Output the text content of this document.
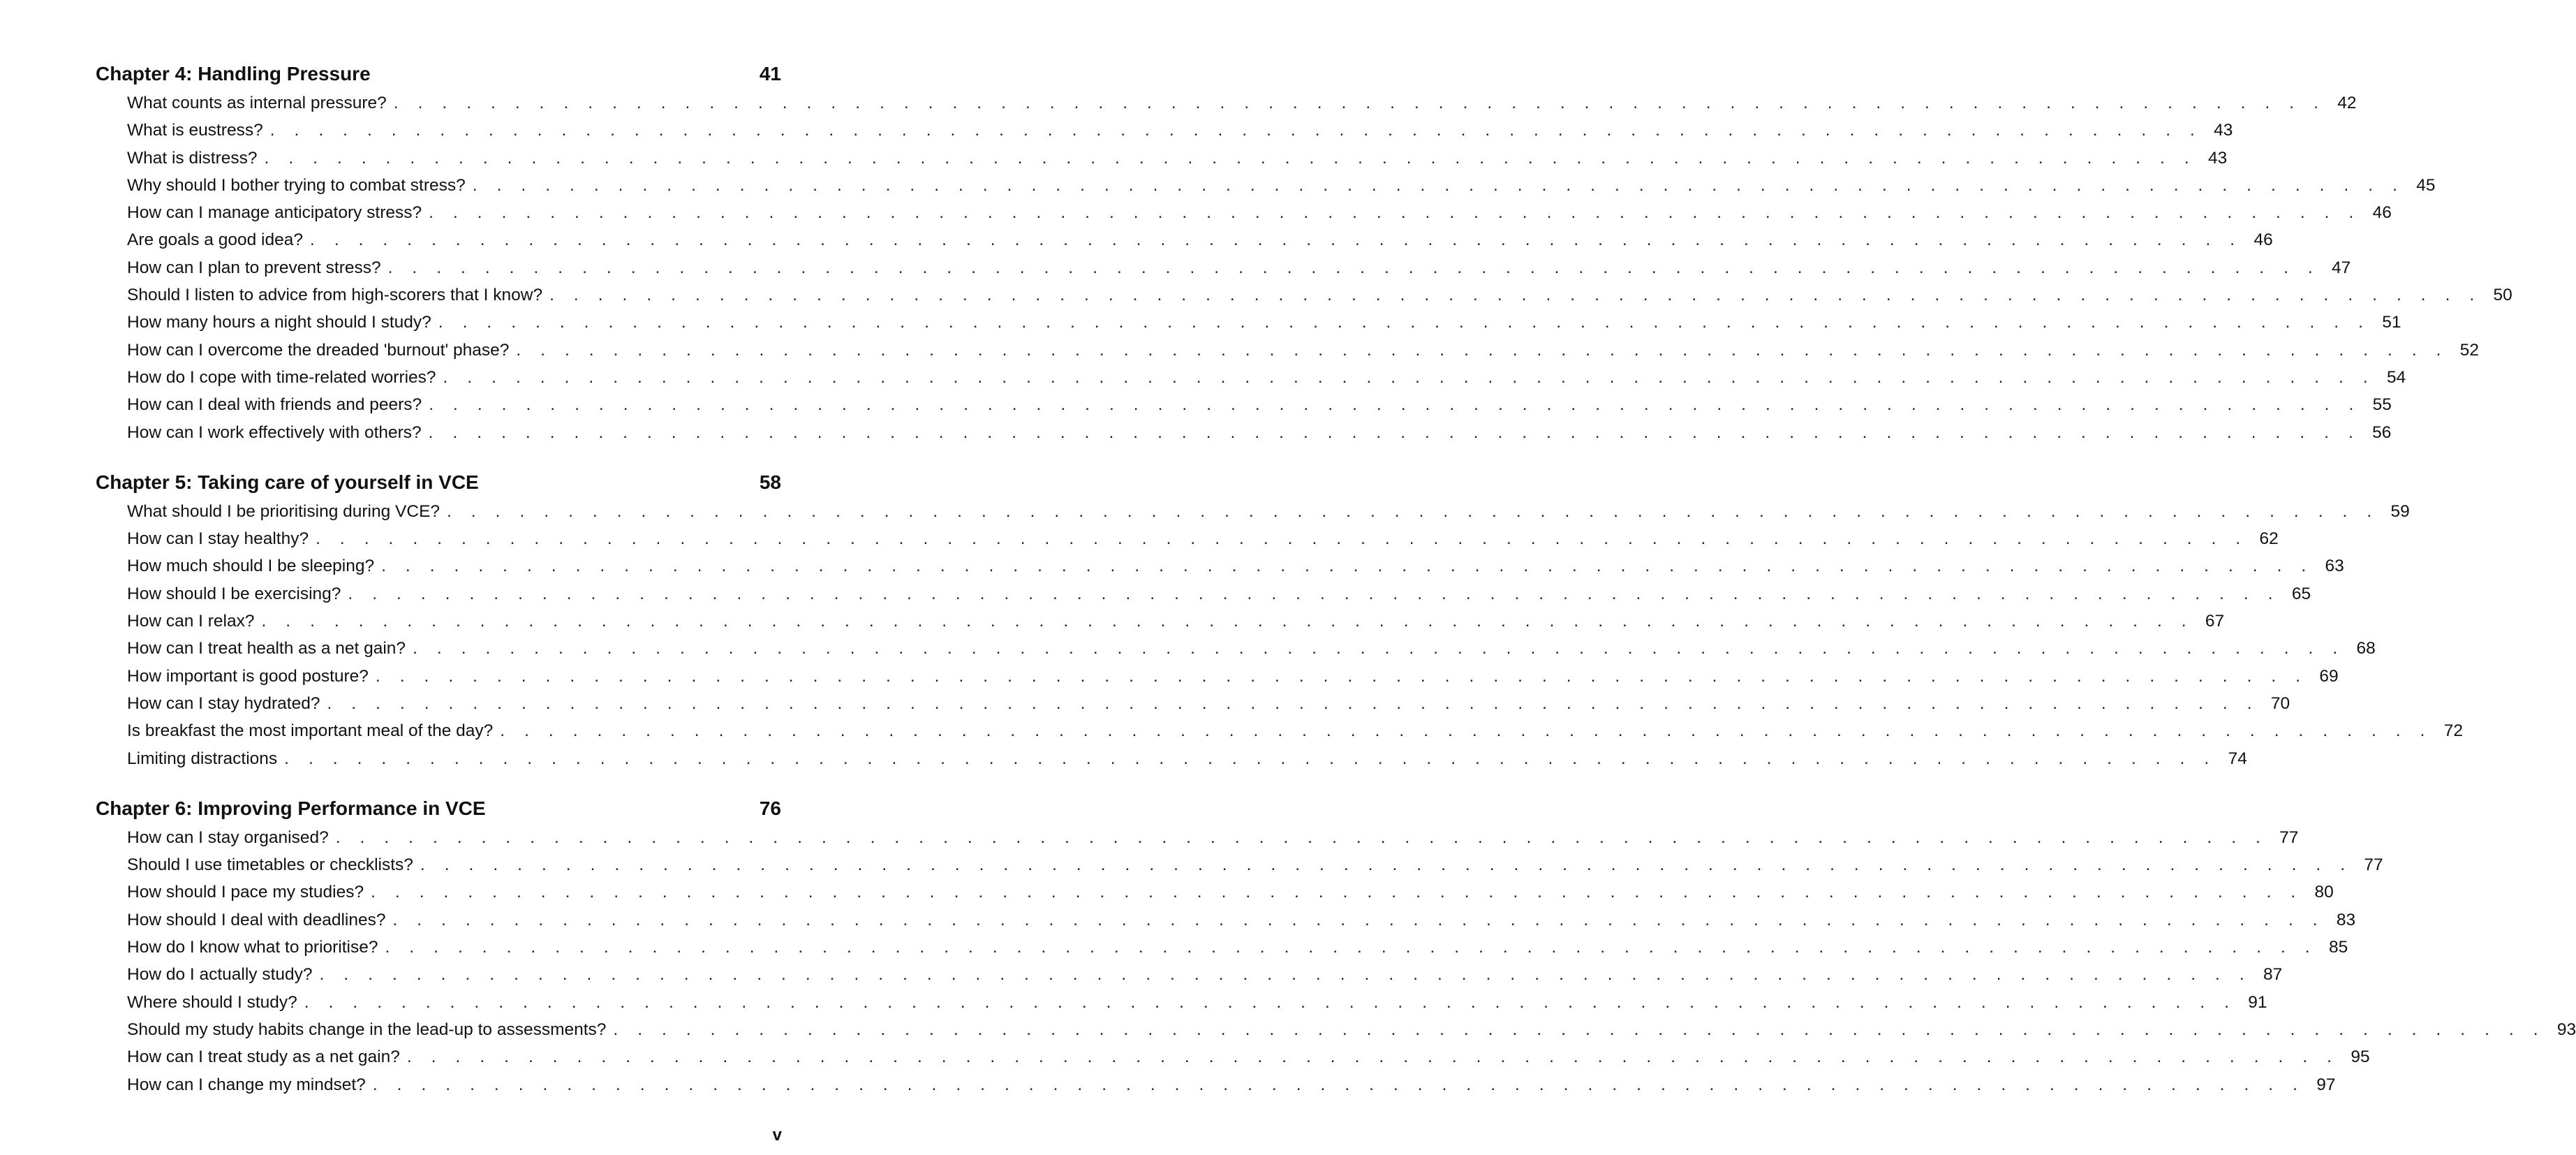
Chapter 4: Handling Pressure	41
What counts as internal pressure? . . . . . . . . . . . . . . . . . . . . . . . . . . . . . . . . . . . . . . . . . . . . . . . . . . . . . . . . . . . . . . . . . . . . . . . . . . . . . . . . 42
What is eustress? . . . . . . . . . . . . . . . . . . . . . . . . . . . . . . . . . . . . . . . . . . . . . . . . . . . . . . . . . . . . . . . . . . . . . . . . . . . . . . . . 43
What is distress? . . . . . . . . . . . . . . . . . . . . . . . . . . . . . . . . . . . . . . . . . . . . . . . . . . . . . . . . . . . . . . . . . . . . . . . . . . . . . . . . 43
Why should I bother trying to combat stress? . . . . . . . . . . . . . . . . . . . . . . . . . . . . . . . . . . . . . . . . . . . . . . . . . . . . . . . . . . . . . . . . . . . . . . . . . . . . . . . . 45
How can I manage anticipatory stress? . . . . . . . . . . . . . . . . . . . . . . . . . . . . . . . . . . . . . . . . . . . . . . . . . . . . . . . . . . . . . . . . . . . . . . . . . . . . . . . . 46
Are goals a good idea? . . . . . . . . . . . . . . . . . . . . . . . . . . . . . . . . . . . . . . . . . . . . . . . . . . . . . . . . . . . . . . . . . . . . . . . . . . . . . . . . 46
How can I plan to prevent stress? . . . . . . . . . . . . . . . . . . . . . . . . . . . . . . . . . . . . . . . . . . . . . . . . . . . . . . . . . . . . . . . . . . . . . . . . . . . . . . . . 47
Should I listen to advice from high-scorers that I know? . . . . . . . . . . . . . . . . . . . . . . . . . . . . . . . . . . . . . . . . . . . . . . . . . . . . . . . . . . . . . . . . . . . . . . . . . . . . . . . . 50
How many hours a night should I study? . . . . . . . . . . . . . . . . . . . . . . . . . . . . . . . . . . . . . . . . . . . . . . . . . . . . . . . . . . . . . . . . . . . . . . . . . . . . . . . . 51
How can I overcome the dreaded 'burnout' phase? . . . . . . . . . . . . . . . . . . . . . . . . . . . . . . . . . . . . . . . . . . . . . . . . . . . . . . . . . . . . . . . . . . . . . . . . . . . . . . . . 52
How do I cope with time-related worries? . . . . . . . . . . . . . . . . . . . . . . . . . . . . . . . . . . . . . . . . . . . . . . . . . . . . . . . . . . . . . . . . . . . . . . . . . . . . . . . . 54
How can I deal with friends and peers? . . . . . . . . . . . . . . . . . . . . . . . . . . . . . . . . . . . . . . . . . . . . . . . . . . . . . . . . . . . . . . . . . . . . . . . . . . . . . . . . 55
How can I work effectively with others? . . . . . . . . . . . . . . . . . . . . . . . . . . . . . . . . . . . . . . . . . . . . . . . . . . . . . . . . . . . . . . . . . . . . . . . . . . . . . . . . 56
Chapter 5: Taking care of yourself in VCE	58
What should I be prioritising during VCE? . . . . . . . . . . . . . . . . . . . . . . . . . . . . . . . . . . . . . . . . . . . . . . . . . . . . . . . . . . . . . . . . . . . . . . . . . . . . . . . . 59
How can I stay healthy? . . . . . . . . . . . . . . . . . . . . . . . . . . . . . . . . . . . . . . . . . . . . . . . . . . . . . . . . . . . . . . . . . . . . . . . . . . . . . . . . 62
How much should I be sleeping? . . . . . . . . . . . . . . . . . . . . . . . . . . . . . . . . . . . . . . . . . . . . . . . . . . . . . . . . . . . . . . . . . . . . . . . . . . . . . . . . 63
How should I be exercising? . . . . . . . . . . . . . . . . . . . . . . . . . . . . . . . . . . . . . . . . . . . . . . . . . . . . . . . . . . . . . . . . . . . . . . . . . . . . . . . . 65
How can I relax? . . . . . . . . . . . . . . . . . . . . . . . . . . . . . . . . . . . . . . . . . . . . . . . . . . . . . . . . . . . . . . . . . . . . . . . . . . . . . . . . 67
How can I treat health as a net gain? . . . . . . . . . . . . . . . . . . . . . . . . . . . . . . . . . . . . . . . . . . . . . . . . . . . . . . . . . . . . . . . . . . . . . . . . . . . . . . . . 68
How important is good posture? . . . . . . . . . . . . . . . . . . . . . . . . . . . . . . . . . . . . . . . . . . . . . . . . . . . . . . . . . . . . . . . . . . . . . . . . . . . . . . . . 69
How can I stay hydrated? . . . . . . . . . . . . . . . . . . . . . . . . . . . . . . . . . . . . . . . . . . . . . . . . . . . . . . . . . . . . . . . . . . . . . . . . . . . . . . . . 70
Is breakfast the most important meal of the day? . . . . . . . . . . . . . . . . . . . . . . . . . . . . . . . . . . . . . . . . . . . . . . . . . . . . . . . . . . . . . . . . . . . . . . . . . . . . . . . . 72
Limiting distractions . . . . . . . . . . . . . . . . . . . . . . . . . . . . . . . . . . . . . . . . . . . . . . . . . . . . . . . . . . . . . . . . . . . . . . . . . . . . . . . . 74
Chapter 6: Improving Performance in VCE	76
How can I stay organised? . . . . . . . . . . . . . . . . . . . . . . . . . . . . . . . . . . . . . . . . . . . . . . . . . . . . . . . . . . . . . . . . . . . . . . . . . . . . . . . . 77
Should I use timetables or checklists? . . . . . . . . . . . . . . . . . . . . . . . . . . . . . . . . . . . . . . . . . . . . . . . . . . . . . . . . . . . . . . . . . . . . . . . . . . . . . . . . 77
How should I pace my studies? . . . . . . . . . . . . . . . . . . . . . . . . . . . . . . . . . . . . . . . . . . . . . . . . . . . . . . . . . . . . . . . . . . . . . . . . . . . . . . . . 80
How should I deal with deadlines? . . . . . . . . . . . . . . . . . . . . . . . . . . . . . . . . . . . . . . . . . . . . . . . . . . . . . . . . . . . . . . . . . . . . . . . . . . . . . . . . 83
How do I know what to prioritise? . . . . . . . . . . . . . . . . . . . . . . . . . . . . . . . . . . . . . . . . . . . . . . . . . . . . . . . . . . . . . . . . . . . . . . . . . . . . . . . . 85
How do I actually study? . . . . . . . . . . . . . . . . . . . . . . . . . . . . . . . . . . . . . . . . . . . . . . . . . . . . . . . . . . . . . . . . . . . . . . . . . . . . . . . . 87
Where should I study? . . . . . . . . . . . . . . . . . . . . . . . . . . . . . . . . . . . . . . . . . . . . . . . . . . . . . . . . . . . . . . . . . . . . . . . . . . . . . . . . 91
Should my study habits change in the lead-up to assessments? . . . . . . . . . . . . . . . . . . . . . . . . . . . . . . . . . . . . . . . . . . . . . . . . . . . . . . . . . . . . . . . . . . . . . . . . . . . . . . . . 93
How can I treat study as a net gain? . . . . . . . . . . . . . . . . . . . . . . . . . . . . . . . . . . . . . . . . . . . . . . . . . . . . . . . . . . . . . . . . . . . . . . . . . . . . . . . . 95
How can I change my mindset? . . . . . . . . . . . . . . . . . . . . . . . . . . . . . . . . . . . . . . . . . . . . . . . . . . . . . . . . . . . . . . . . . . . . . . . . . . . . . . . . 97
v
